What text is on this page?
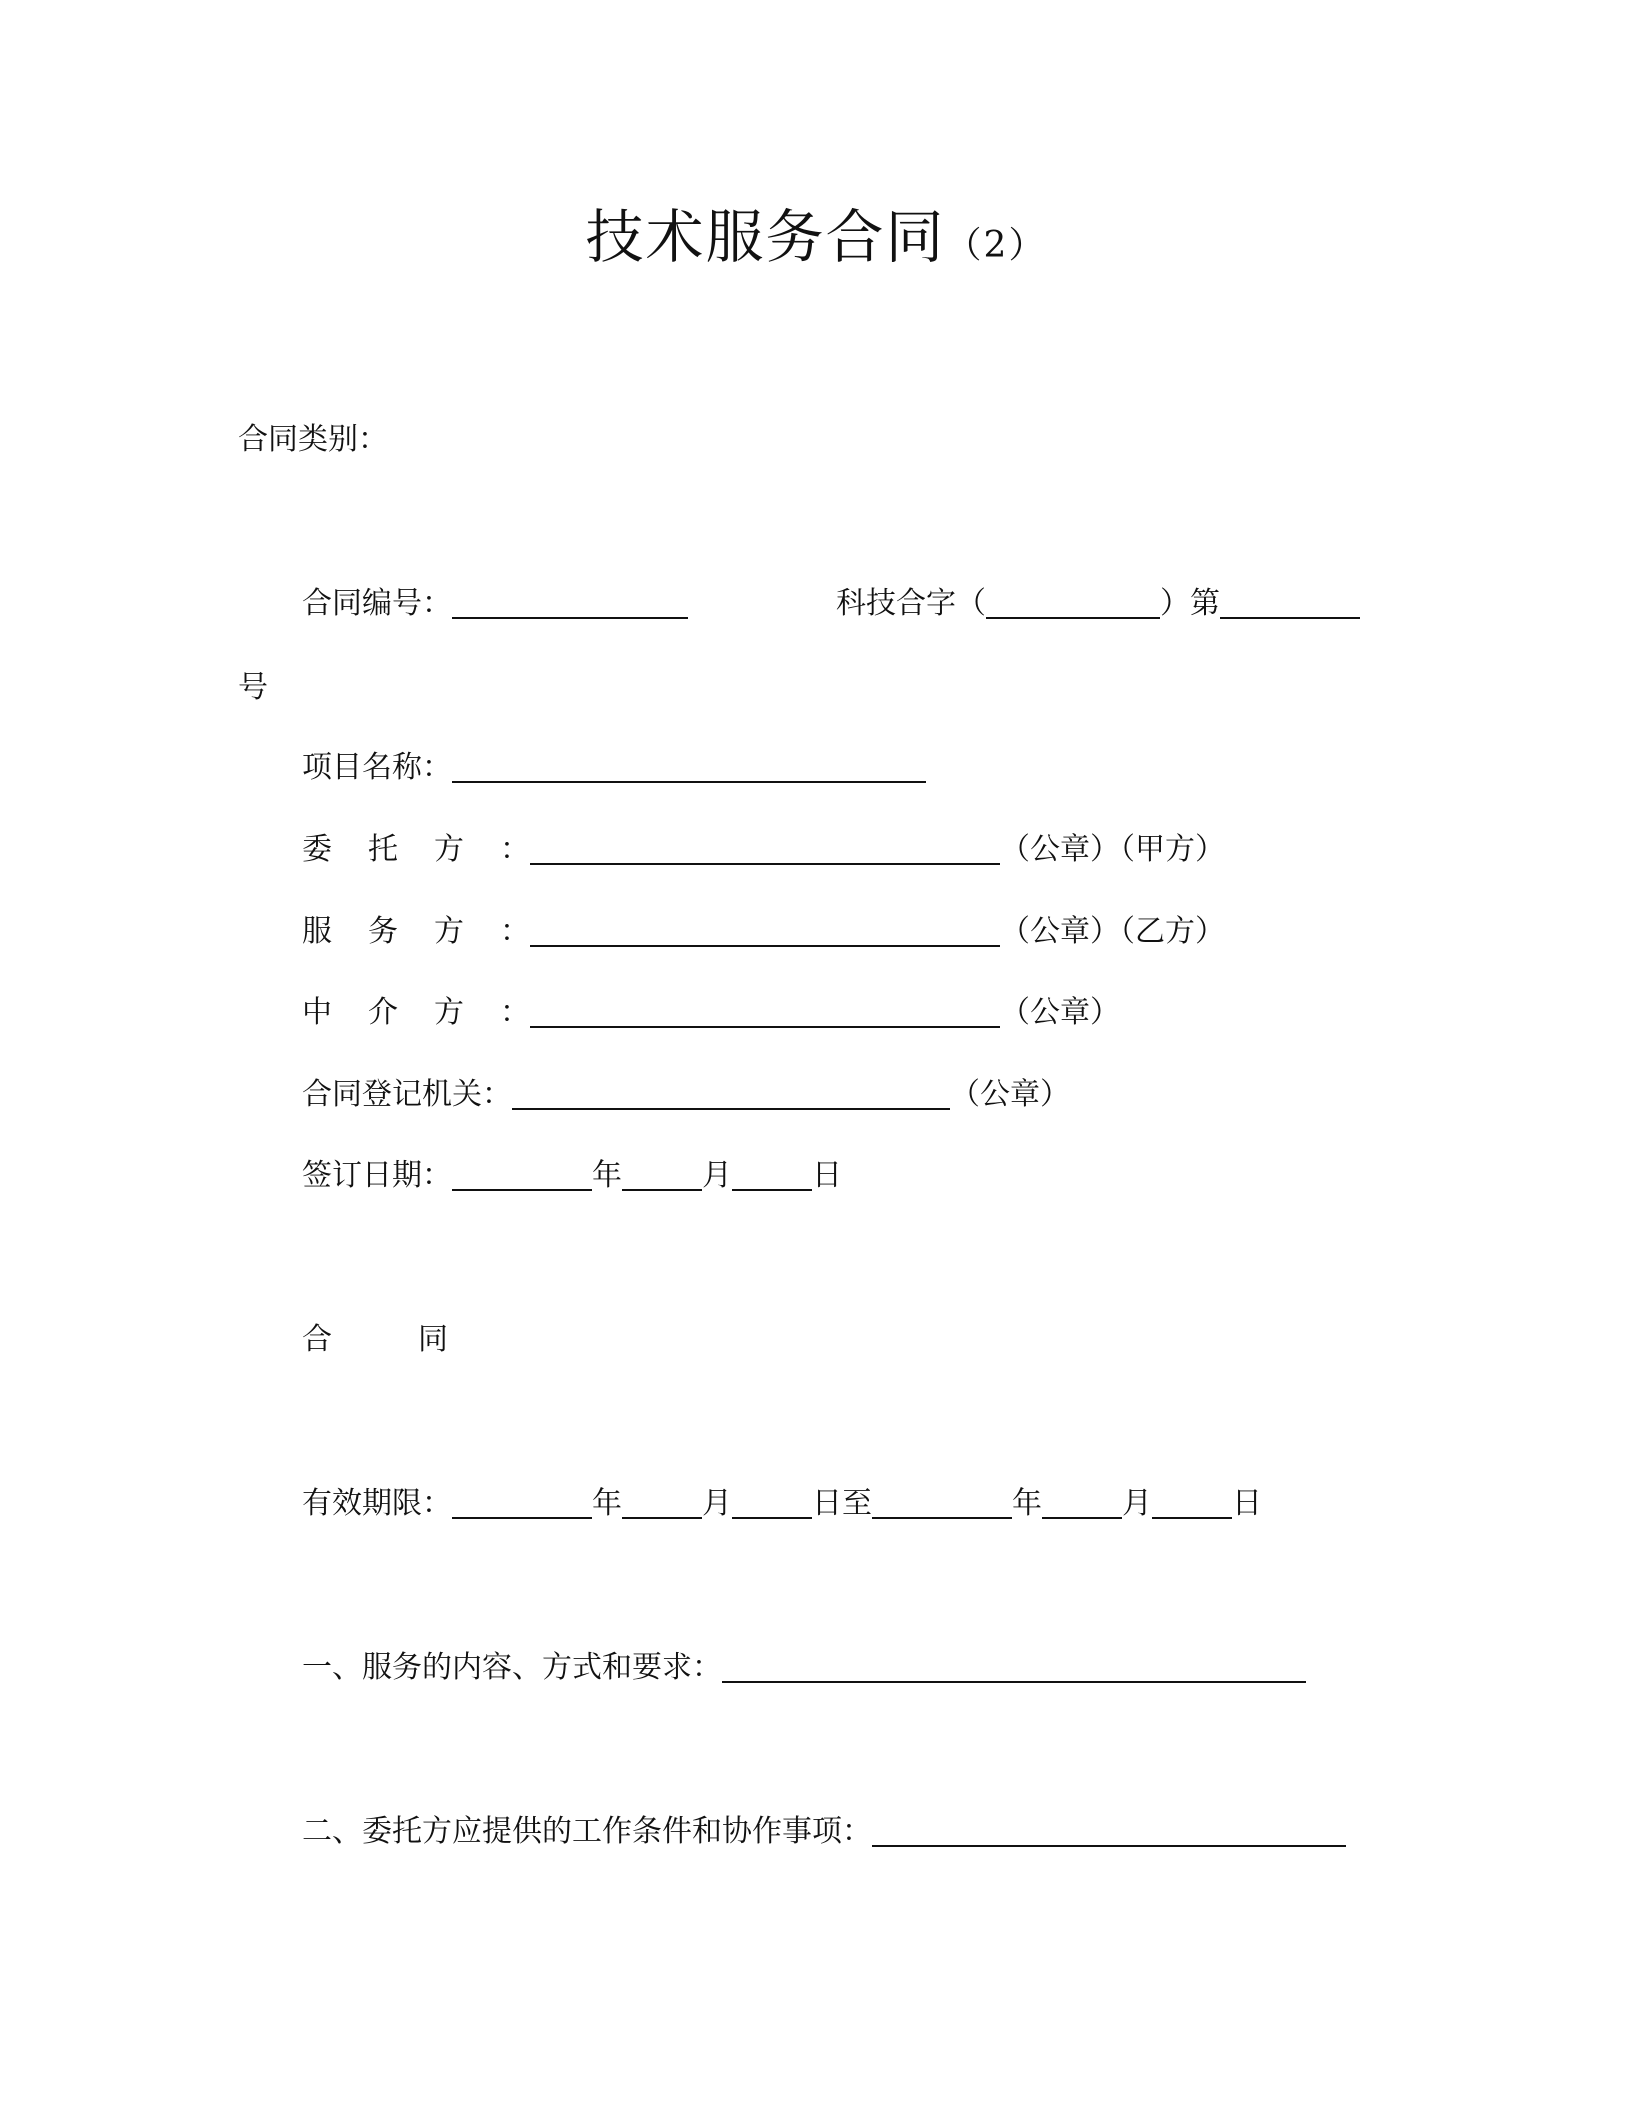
技术服务合同（2）
合同类别：
合同编号：	科技合字（	）第
号
项目名称：
委托方：	（公章）（甲方）
服务方：	（公章）（乙方）
中介方：	（公章）
合同登记机关：	（公章）
签订日期：	年	月	日
合同
有效期限：	年	月	日至	年	月	日
一、服务的内容、方式和要求：
二、委托方应提供的工作条件和协作事项：
